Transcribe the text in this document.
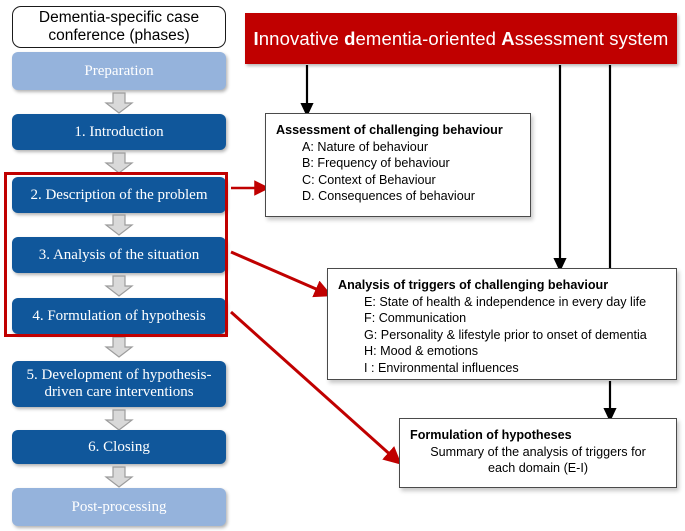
Dementia-specific case conference (phases)
Preparation
1. Introduction
2. Description of the problem
3. Analysis of the situation
4. Formulation of hypothesis
5. Development of hypothesis-driven care interventions
6. Closing
Post-processing
Innovative dementia-oriented Assessment system
Assessment of challenging behaviour
A: Nature of behaviour
B: Frequency of behaviour
C: Context of Behaviour
D. Consequences of behaviour
Analysis of triggers of challenging behaviour
E: State of health & independence in every day life
F: Communication
G: Personality & lifestyle prior to onset of dementia
H: Mood & emotions
I : Environmental influences
Formulation of hypotheses
Summary of the analysis of triggers for each domain (E-I)
